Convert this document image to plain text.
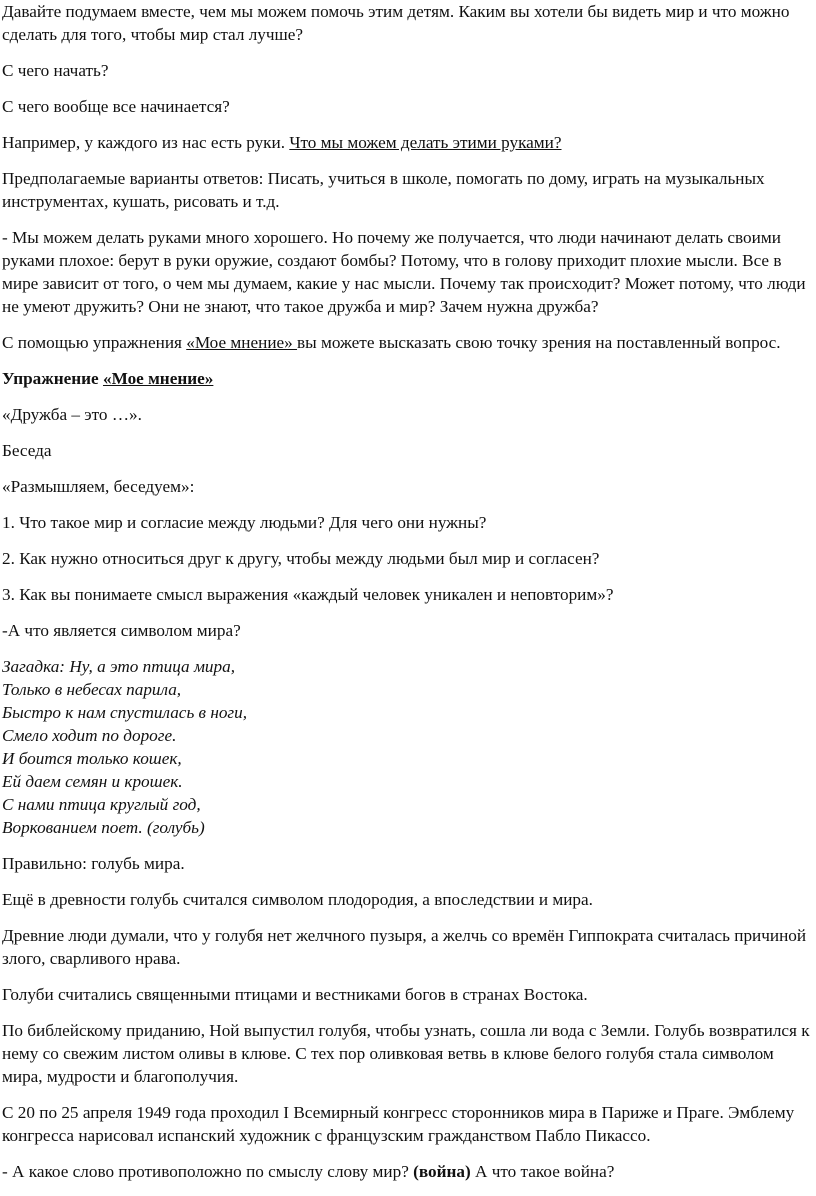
Давайте подумаем вместе, чем мы можем помочь этим детям. Каким вы хотели бы видеть мир и что можно сделать для того, чтобы мир стал лучше?

С чего начать?

С чего вообще все начинается?

Например, у каждого из нас есть руки. Что мы можем делать этими руками?

Предполагаемые варианты ответов: Писать, учиться в школе, помогать по дому, играть на музыкальных инструментах, кушать, рисовать и т.д.

- Мы можем делать руками много хорошего. Но почему же получается, что люди начинают делать своими руками плохое: берут в руки оружие, создают бомбы? Потому, что в голову приходит плохие мысли. Все в мире зависит от того, о чем мы думаем, какие у нас мысли. Почему так происходит? Может потому, что люди не умеют дружить? Они не знают, что такое дружба и мир? Зачем нужна дружба?

С помощью упражнения «Мое мнение» вы можете высказать свою точку зрения на поставленный вопрос.

Упражнение «Мое мнение»

«Дружба – это …».

Беседа

«Размышляем, беседуем»:

1. Что такое мир и согласие между людьми? Для чего они нужны?

2. Как нужно относиться друг к другу, чтобы между людьми был мир и согласен?

3. Как вы понимаете смысл выражения «каждый человек уникален и неповторим»?

-А что является символом мира?

Загадка: Ну, а это птица мира,
Только в небесах парила,
Быстро к нам спустилась в ноги,
Смело ходит по дороге.
И боится только кошек,
Ей даем семян и крошек.
С нами птица круглый год,
Воркованием поет. (голубь)

Правильно: голубь мира.

Ещё в древности голубь считался символом плодородия, а впоследствии и мира.

Древние люди думали, что у голубя нет желчного пузыря, а желчь со времён Гиппократа считалась причиной злого, сварливого нрава.

Голуби считались священными птицами и вестниками богов в странах Востока.

По библейскому приданию, Ной выпустил голубя, чтобы узнать, сошла ли вода с Земли. Голубь возвратился к нему со свежим листом оливы в клюве. С тех пор оливковая ветвь в клюве белого голубя стала символом мира, мудрости и благополучия.

С 20 по 25 апреля 1949 года проходил I Всемирный конгресс сторонников мира в Париже и Праге. Эмблему конгресса нарисовал испанский художник с французским гражданством Пабло Пикассо.

- А какое слово противоположно по смыслу слову мир? (война) А что такое война?
